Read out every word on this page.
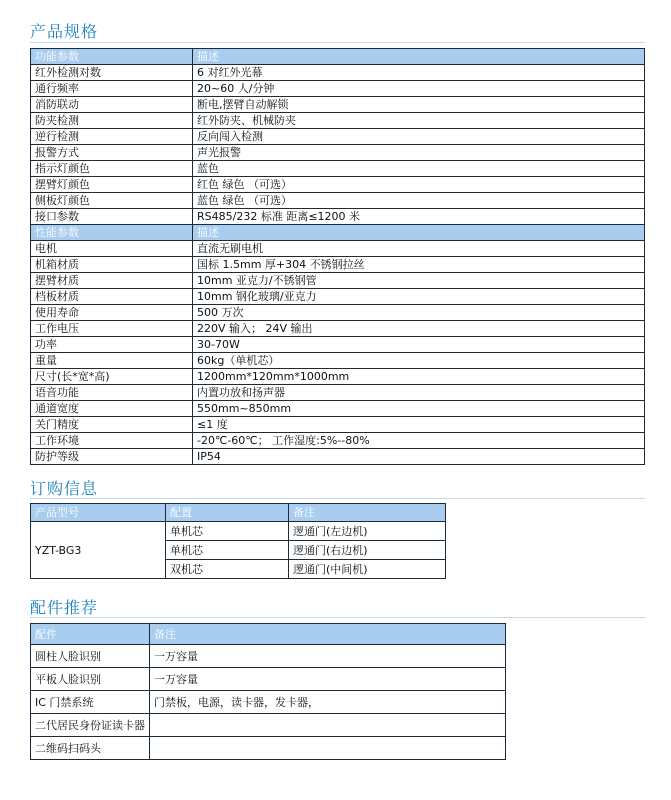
产品规格
功能参数	描述
红外检测对数	6 对红外光幕
通行频率	20~60 人/分钟
消防联动	断电,摆臂自动解锁
防夹检测	红外防夹、机械防夹
逆行检测	反向闯入检测
报警方式	声光报警
指示灯颜色	蓝色
摆臂灯颜色	红色 绿色 （可选）
侧板灯颜色	蓝色 绿色 （可选）
接口参数	RS485/232 标准 距离≤1200 米
性能参数	描述
电机	直流无刷电机
机箱材质	国标 1.5mm 厚+304 不锈钢拉丝
摆臂材质	10mm 亚克力/不锈钢管
档板材质	10mm 钢化玻璃/亚克力
使用寿命	500 万次
工作电压	220V 输入； 24V 输出
功率	30-70W
重量	60kg（单机芯）
尺寸(长*宽*高)	1200mm*120mm*1000mm
语音功能	内置功放和扬声器
通道宽度	550mm~850mm
关门精度	≤1 度
工作环境	-20℃-60℃； 工作湿度:5%--80%
防护等级	IP54
订购信息
产品型号	配置	备注
YZT-BG3	单机芯	逻通门(左边机)
	单机芯	逻通门(右边机)
	双机芯	逻通门(中间机)
配件推荐
配件	备注
圆柱人脸识别	一万容量
平板人脸识别	一万容量
IC 门禁系统	门禁板，电源，读卡器，发卡器，
二代居民身份证读卡器	
二维码扫码头	
